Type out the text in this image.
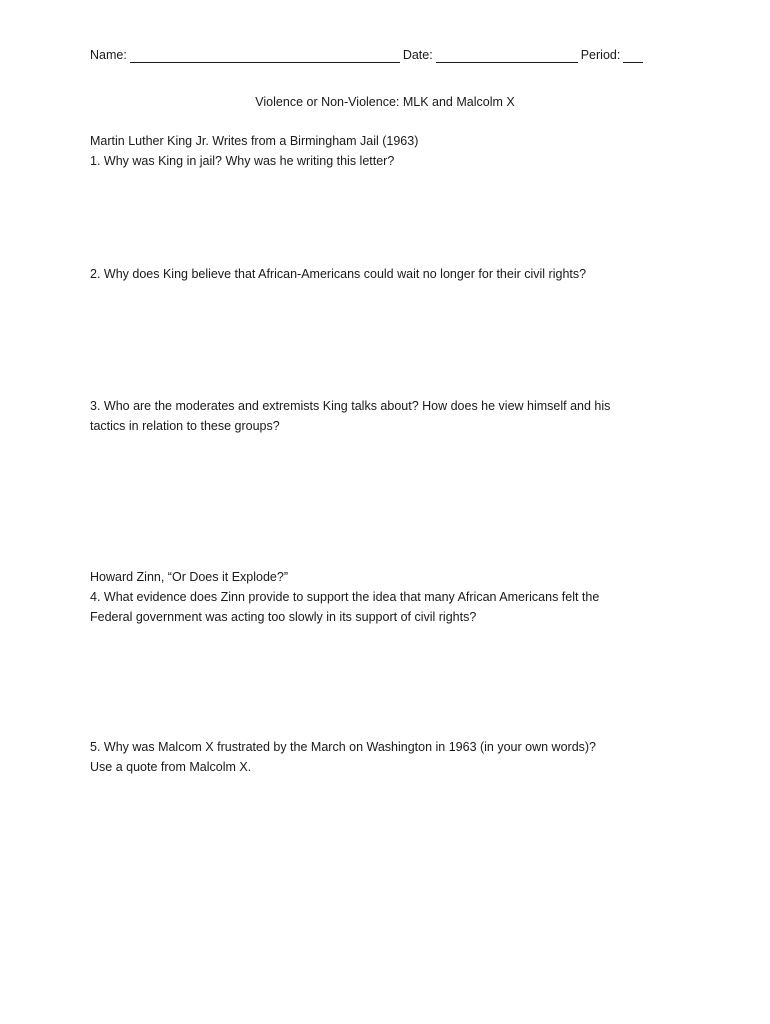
Name:	Date:	Period:
Violence or Non-Violence: MLK and Malcolm X
Martin Luther King Jr. Writes from a Birmingham Jail (1963)
1. Why was King in jail? Why was he writing this letter?
2. Why does King believe that African-Americans could wait no longer for their civil rights?
3. Who are the moderates and extremists King talks about? How does he view himself and his
tactics in relation to these groups?
Howard Zinn, “Or Does it Explode?”
4. What evidence does Zinn provide to support the idea that many African Americans felt the
Federal government was acting too slowly in its support of civil rights?
5. Why was Malcom X frustrated by the March on Washington in 1963 (in your own words)?
Use a quote from Malcolm X.
